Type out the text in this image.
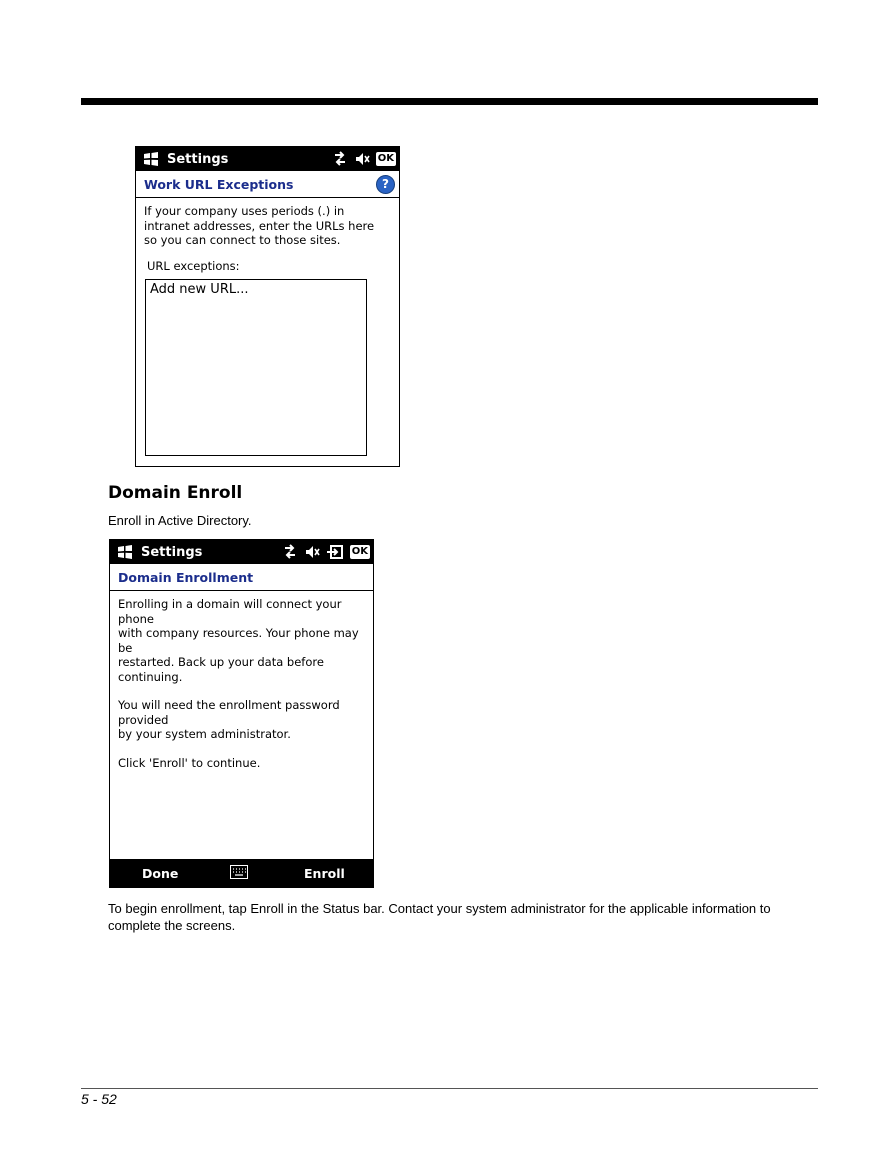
Settings	OK
Work URL Exceptions	?
If your company uses periods (.) in
intranet addresses, enter the URLs here
so you can connect to those sites.
URL exceptions:
Add new URL...
Domain Enroll
Enroll in Active Directory.
Settings	OK
Domain Enrollment
Enrolling in a domain will connect your phone
with company resources. Your phone may be
restarted. Back up your data before continuing.
You will need the enrollment password provided
by your system administrator.
Click 'Enroll' to continue.
Done	Enroll
To begin enrollment, tap Enroll in the Status bar. Contact your system administrator for the applicable information to complete the screens.
5 - 52
